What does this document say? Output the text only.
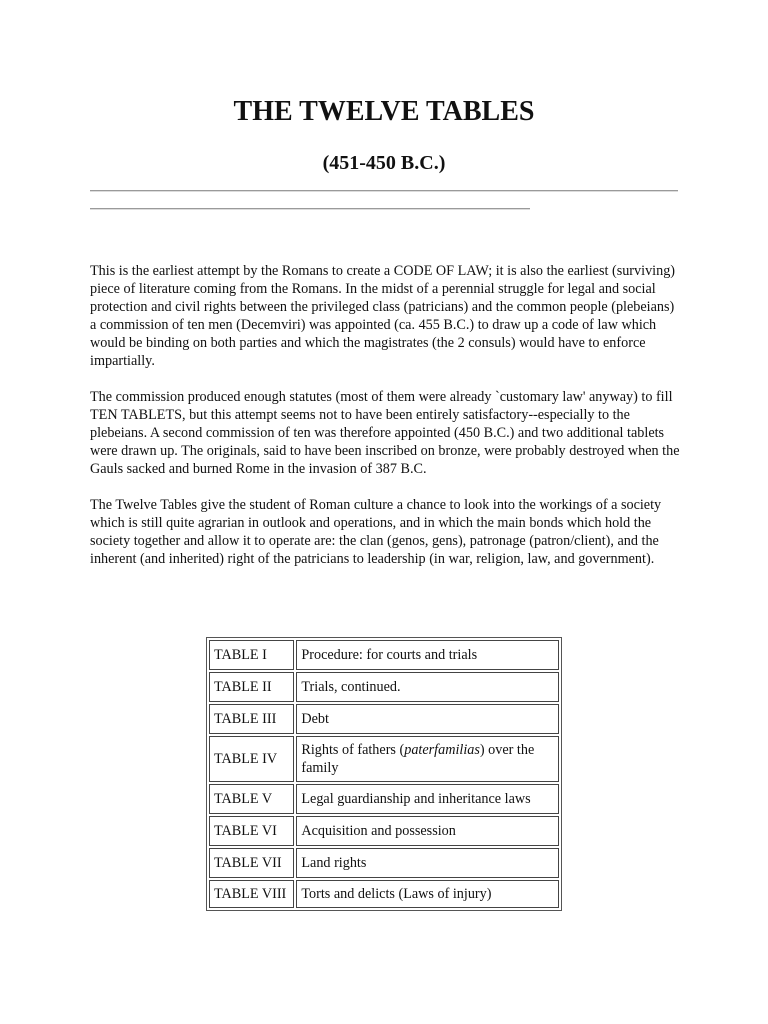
THE TWELVE TABLES
(451-450 B.C.)

This is the earliest attempt by the Romans to create a CODE OF LAW; it is also the earliest (surviving) piece of literature coming from the Romans. In the midst of a perennial struggle for legal and social protection and civil rights between the privileged class (patricians) and the common people (plebeians) a commission of ten men (Decemviri) was appointed (ca. 455 B.C.) to draw up a code of law which would be binding on both parties and which the magistrates (the 2 consuls) would have to enforce impartially.

The commission produced enough statutes (most of them were already `customary law' anyway) to fill TEN TABLETS, but this attempt seems not to have been entirely satisfactory--especially to the plebeians. A second commission of ten was therefore appointed (450 B.C.) and two additional tablets were drawn up. The originals, said to have been inscribed on bronze, were probably destroyed when the Gauls sacked and burned Rome in the invasion of 387 B.C.

The Twelve Tables give the student of Roman culture a chance to look into the workings of a society which is still quite agrarian in outlook and operations, and in which the main bonds which hold the society together and allow it to operate are: the clan (genos, gens), patronage (patron/client), and the inherent (and inherited) right of the patricians to leadership (in war, religion, law, and government).

TABLE I	Procedure: for courts and trials
TABLE II	Trials, continued.
TABLE III	Debt
TABLE IV	Rights of fathers (paterfamilias) over the family
TABLE V	Legal guardianship and inheritance laws
TABLE VI	Acquisition and possession
TABLE VII	Land rights
TABLE VIII	Torts and delicts (Laws of injury)
